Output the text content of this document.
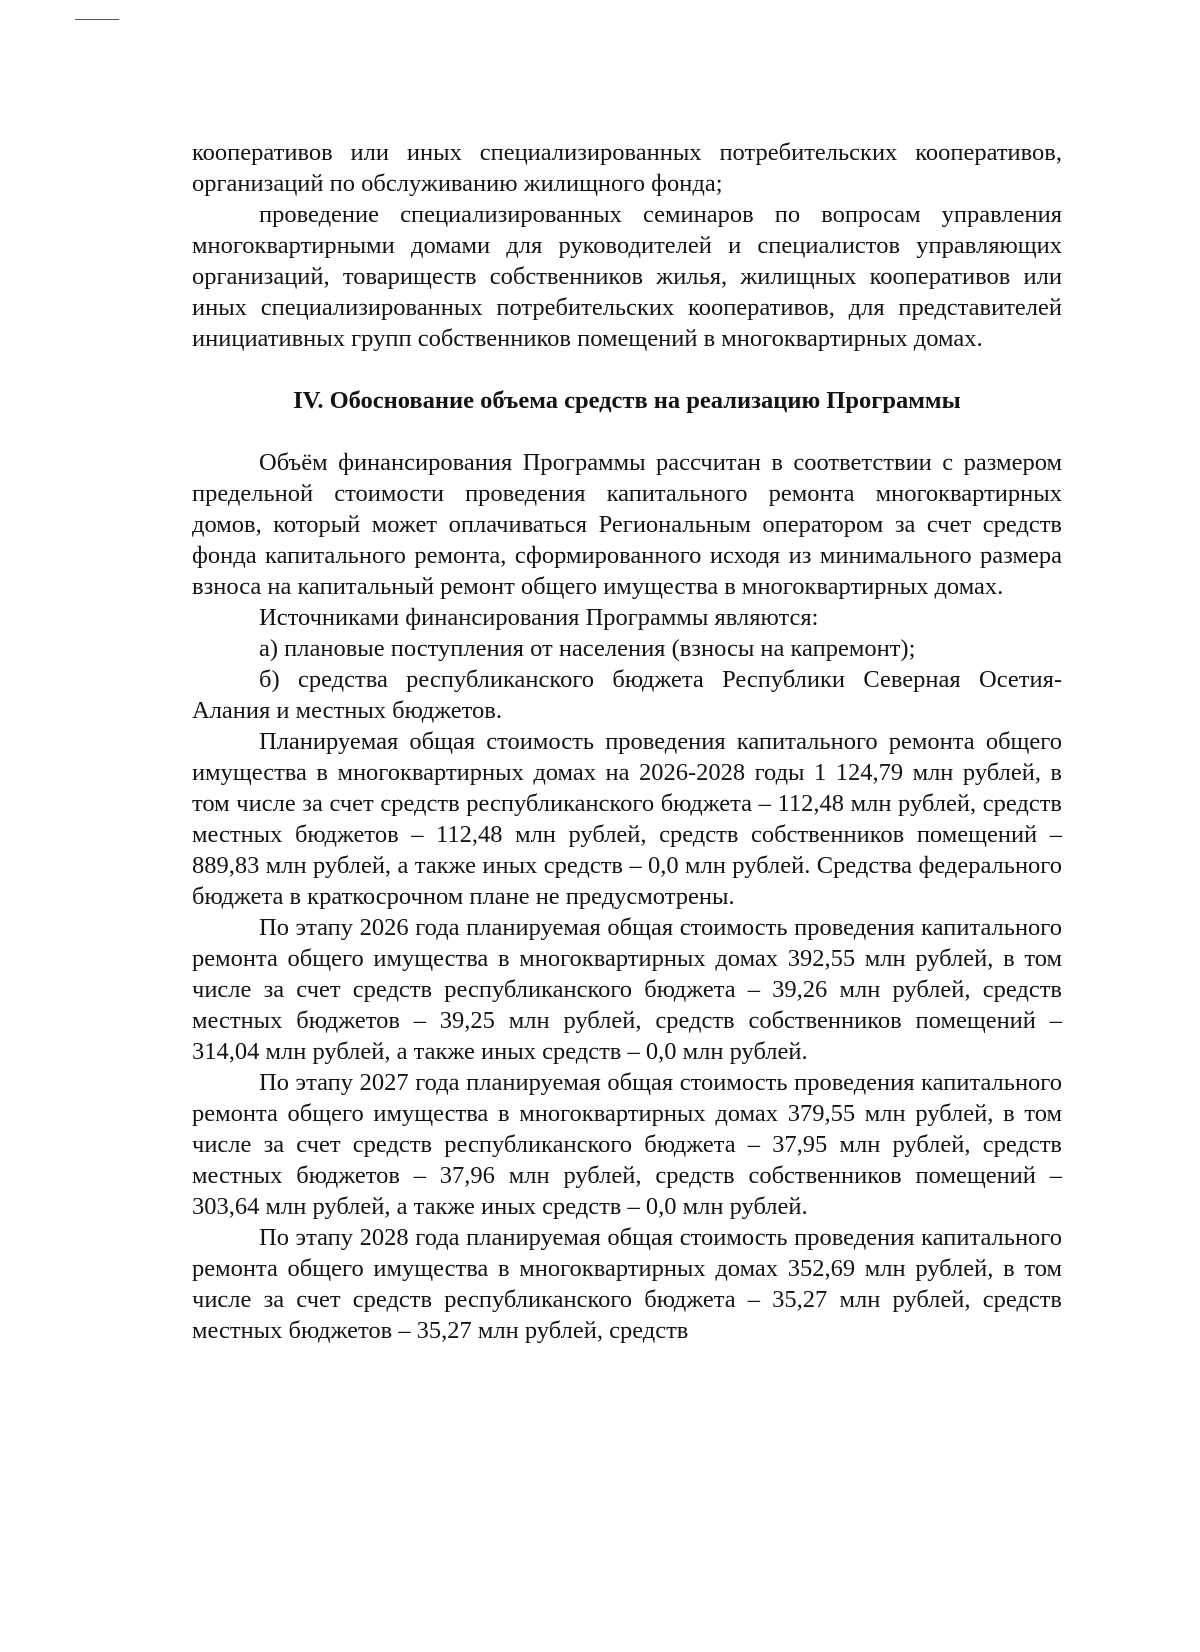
кооперативов или иных специализированных потребительских кооперативов, организаций по обслуживанию жилищного фонда;

проведение специализированных семинаров по вопросам управления многоквартирными домами для руководителей и специалистов управляющих организаций, товариществ собственников жилья, жилищных кооперативов или иных специализированных потребительских кооперативов, для представителей инициативных групп собственников помещений в многоквартирных домах.

IV. Обоснование объема средств на реализацию Программы

Объём финансирования Программы рассчитан в соответствии с размером предельной стоимости проведения капитального ремонта многоквартирных домов, который может оплачиваться Региональным оператором за счет средств фонда капитального ремонта, сформированного исходя из минимального размера взноса на капитальный ремонт общего имущества в многоквартирных домах.

Источниками финансирования Программы являются:

а) плановые поступления от населения (взносы на капремонт);

б) средства республиканского бюджета Республики Северная Осетия-Алания и местных бюджетов.

Планируемая общая стоимость проведения капитального ремонта общего имущества в многоквартирных домах на 2026-2028 годы 1 124,79 млн рублей, в том числе за счет средств республиканского бюджета – 112,48 млн рублей, средств местных бюджетов – 112,48 млн рублей, средств собственников помещений – 889,83 млн рублей, а также иных средств – 0,0 млн рублей. Средства федерального бюджета в краткосрочном плане не предусмотрены.

По этапу 2026 года планируемая общая стоимость проведения капитального ремонта общего имущества в многоквартирных домах 392,55 млн рублей, в том числе за счет средств республиканского бюджета – 39,26 млн рублей, средств местных бюджетов – 39,25 млн рублей, средств собственников помещений – 314,04 млн рублей, а также иных средств – 0,0 млн рублей.

По этапу 2027 года планируемая общая стоимость проведения капитального ремонта общего имущества в многоквартирных домах 379,55 млн рублей, в том числе за счет средств республиканского бюджета – 37,95 млн рублей, средств местных бюджетов – 37,96 млн рублей, средств собственников помещений – 303,64 млн рублей, а также иных средств – 0,0 млн рублей.

По этапу 2028 года планируемая общая стоимость проведения капитального ремонта общего имущества в многоквартирных домах 352,69 млн рублей, в том числе за счет средств республиканского бюджета – 35,27 млн рублей, средств местных бюджетов – 35,27 млн рублей, средств
